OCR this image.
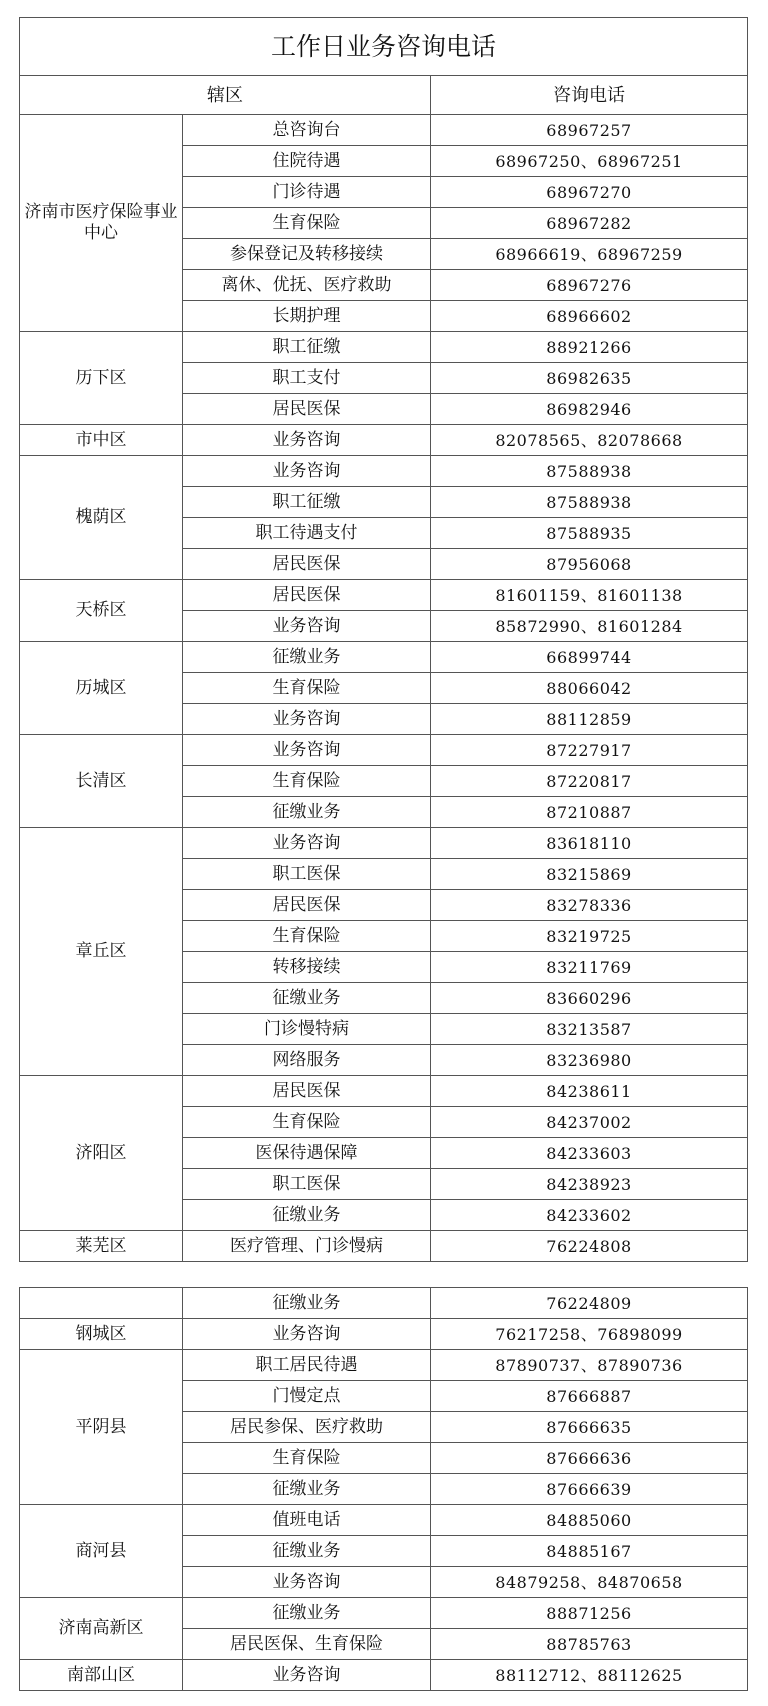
工作日业务咨询电话		
辖区		咨询电话
济南市医疗保险事业中心	总咨询台	68967257
	住院待遇	68967250、68967251
	门诊待遇	68967270
	生育保险	68967282
	参保登记及转移接续	68966619、68967259
	离休、优抚、医疗救助	68967276
	长期护理	68966602
历下区	职工征缴	88921266
	职工支付	86982635
	居民医保	86982946
市中区	业务咨询	82078565、82078668
槐荫区	业务咨询	87588938
	职工征缴	87588938
	职工待遇支付	87588935
	居民医保	87956068
天桥区	居民医保	81601159、81601138
	业务咨询	85872990、81601284
历城区	征缴业务	66899744
	生育保险	88066042
	业务咨询	88112859
长清区	业务咨询	87227917
	生育保险	87220817
	征缴业务	87210887
章丘区	业务咨询	83618110
	职工医保	83215869
	居民医保	83278336
	生育保险	83219725
	转移接续	83211769
	征缴业务	83660296
	门诊慢特病	83213587
	网络服务	83236980
济阳区	居民医保	84238611
	生育保险	84237002
	医保待遇保障	84233603
	职工医保	84238923
	征缴业务	84233602
莱芜区	医疗管理、门诊慢病	76224808
	征缴业务	76224809
钢城区	业务咨询	76217258、76898099
平阴县	职工居民待遇	87890737、87890736
	门慢定点	87666887
	居民参保、医疗救助	87666635
	生育保险	87666636
	征缴业务	87666639
商河县	值班电话	84885060
	征缴业务	84885167
	业务咨询	84879258、84870658
济南高新区	征缴业务	88871256
	居民医保、生育保险	88785763
南部山区	业务咨询	88112712、88112625
